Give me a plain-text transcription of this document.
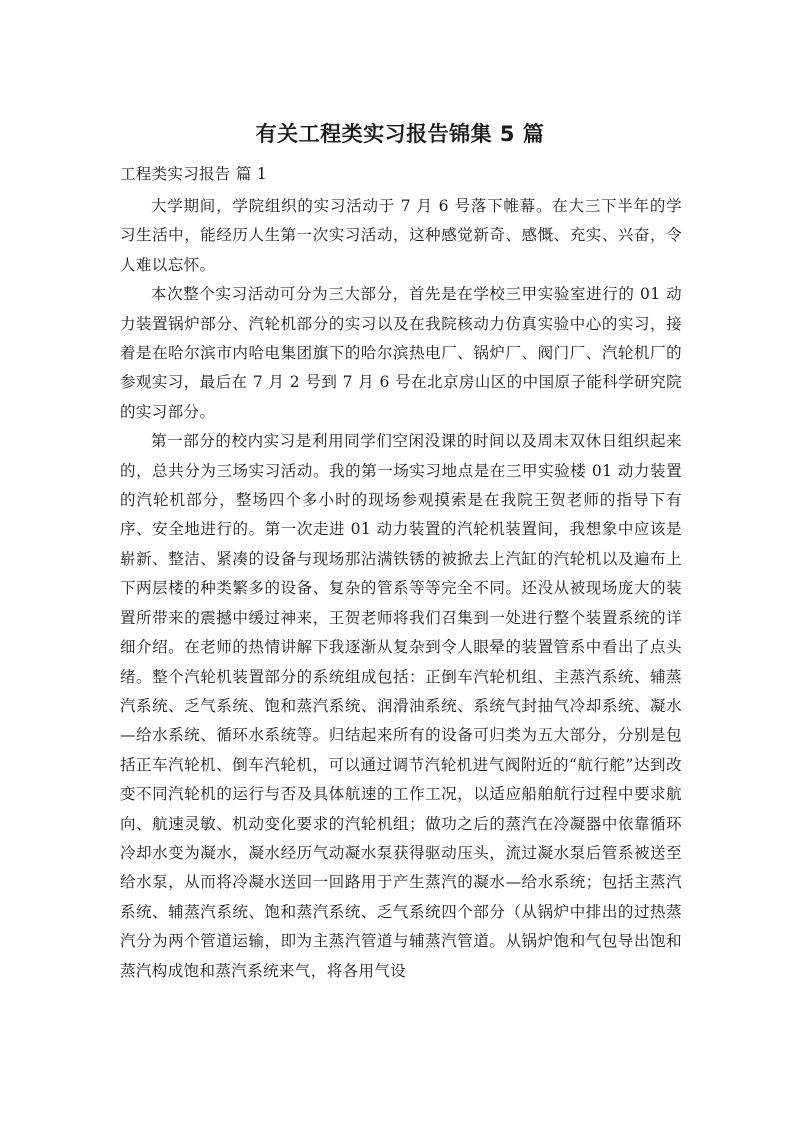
有关工程类实习报告锦集 5 篇
工程类实习报告 篇 1

大学期间，学院组织的实习活动于 7 月 6 号落下帷幕。在大三下半年的学习生活中，能经历人生第一次实习活动，这种感觉新奇、感慨、充实、兴奋，令人难以忘怀。

本次整个实习活动可分为三大部分，首先是在学校三甲实验室进行的 01 动力装置锅炉部分、汽轮机部分的实习以及在我院核动力仿真实验中心的实习，接着是在哈尔滨市内哈电集团旗下的哈尔滨热电厂、锅炉厂、阀门厂、汽轮机厂的参观实习，最后在 7 月 2 号到 7 月 6 号在北京房山区的中国原子能科学研究院的实习部分。

第一部分的校内实习是利用同学们空闲没课的时间以及周末双休日组织起来的，总共分为三场实习活动。我的第一场实习地点是在三甲实验楼 01 动力装置的汽轮机部分，整场四个多小时的现场参观摸索是在我院王贺老师的指导下有序、安全地进行的。第一次走进 01 动力装置的汽轮机装置间，我想象中应该是崭新、整洁、紧凑的设备与现场那沾满铁锈的被掀去上汽缸的汽轮机以及遍布上下两层楼的种类繁多的设备、复杂的管系等等完全不同。还没从被现场庞大的装置所带来的震撼中缓过神来，王贺老师将我们召集到一处进行整个装置系统的详细介绍。在老师的热情讲解下我逐渐从复杂到令人眼晕的装置管系中看出了点头绪。整个汽轮机装置部分的系统组成包括：正倒车汽轮机组、主蒸汽系统、辅蒸汽系统、乏气系统、饱和蒸汽系统、润滑油系统、系统气封抽气冷却系统、凝水—给水系统、循环水系统等。归结起来所有的设备可归类为五大部分，分别是包括正车汽轮机、倒车汽轮机，可以通过调节汽轮机进气阀附近的“航行舵”达到改变不同汽轮机的运行与否及具体航速的工作工况，以适应船舶航行过程中要求航向、航速灵敏、机动变化要求的汽轮机组；做功之后的蒸汽在冷凝器中依靠循环冷却水变为凝水，凝水经历气动凝水泵获得驱动压头，流过凝水泵后管系被送至给水泵，从而将冷凝水送回一回路用于产生蒸汽的凝水—给水系统；包括主蒸汽系统、辅蒸汽系统、饱和蒸汽系统、乏气系统四个部分（从锅炉中排出的过热蒸汽分为两个管道运输，即为主蒸汽管道与辅蒸汽管道。从锅炉饱和气包导出饱和蒸汽构成饱和蒸汽系统来气，将各用气设
